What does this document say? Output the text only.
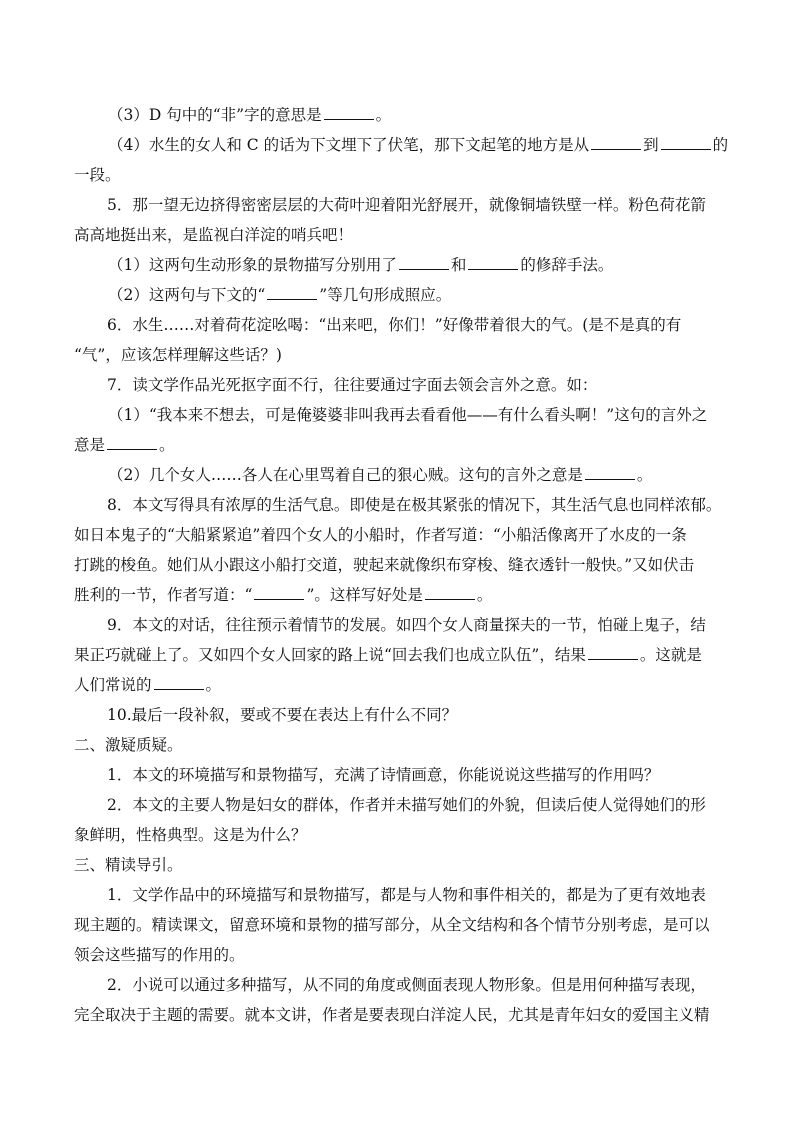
（3）D 句中的“非”字的意思是	。
（4）水生的女人和 C 的话为下文埋下了伏笔，那下文起笔的地方是从	到	的
一段。
5．那一望无边挤得密密层层的大荷叶迎着阳光舒展开，就像铜墙铁壁一样。粉色荷花箭
高高地挺出来，是监视白洋淀的哨兵吧！
（1）这两句生动形象的景物描写分别用了	和	的修辞手法。
（2）这两句与下文的“	”等几句形成照应。
6．水生……对着荷花淀吆喝：“出来吧，你们！”好像带着很大的气。(是不是真的有
“气”，应该怎样理解这些话？)
7．读文学作品光死抠字面不行，往往要通过字面去领会言外之意。如：
（1）“我本来不想去，可是俺婆婆非叫我再去看看他——有什么看头啊！”这句的言外之
意是	。
（2）几个女人……各人在心里骂着自己的狠心贼。这句的言外之意是	。
8．本文写得具有浓厚的生活气息。即使是在极其紧张的情况下，其生活气息也同样浓郁。
如日本鬼子的“大船紧紧追”着四个女人的小船时，作者写道：“小船活像离开了水皮的一条
打跳的梭鱼。她们从小跟这小船打交道，驶起来就像织布穿梭、缝衣透针一般快。”又如伏击
胜利的一节，作者写道：“	”。这样写好处是	。
9．本文的对话，往往预示着情节的发展。如四个女人商量探夫的一节，怕碰上鬼子，结
果正巧就碰上了。又如四个女人回家的路上说“回去我们也成立队伍”，结果	。这就是
人们常说的	。
10.最后一段补叙，要或不要在表达上有什么不同？
二、激疑质疑。
1．本文的环境描写和景物描写，充满了诗情画意，你能说说这些描写的作用吗？
2．本文的主要人物是妇女的群体，作者并未描写她们的外貌，但读后使人觉得她们的形
象鲜明，性格典型。这是为什么？
三、精读导引。
1．文学作品中的环境描写和景物描写，都是与人物和事件相关的，都是为了更有效地表
现主题的。精读课文，留意环境和景物的描写部分，从全文结构和各个情节分别考虑，是可以
领会这些描写的作用的。
2．小说可以通过多种描写，从不同的角度或侧面表现人物形象。但是用何种描写表现，
完全取决于主题的需要。就本文讲，作者是要表现白洋淀人民，尤其是青年妇女的爱国主义精
